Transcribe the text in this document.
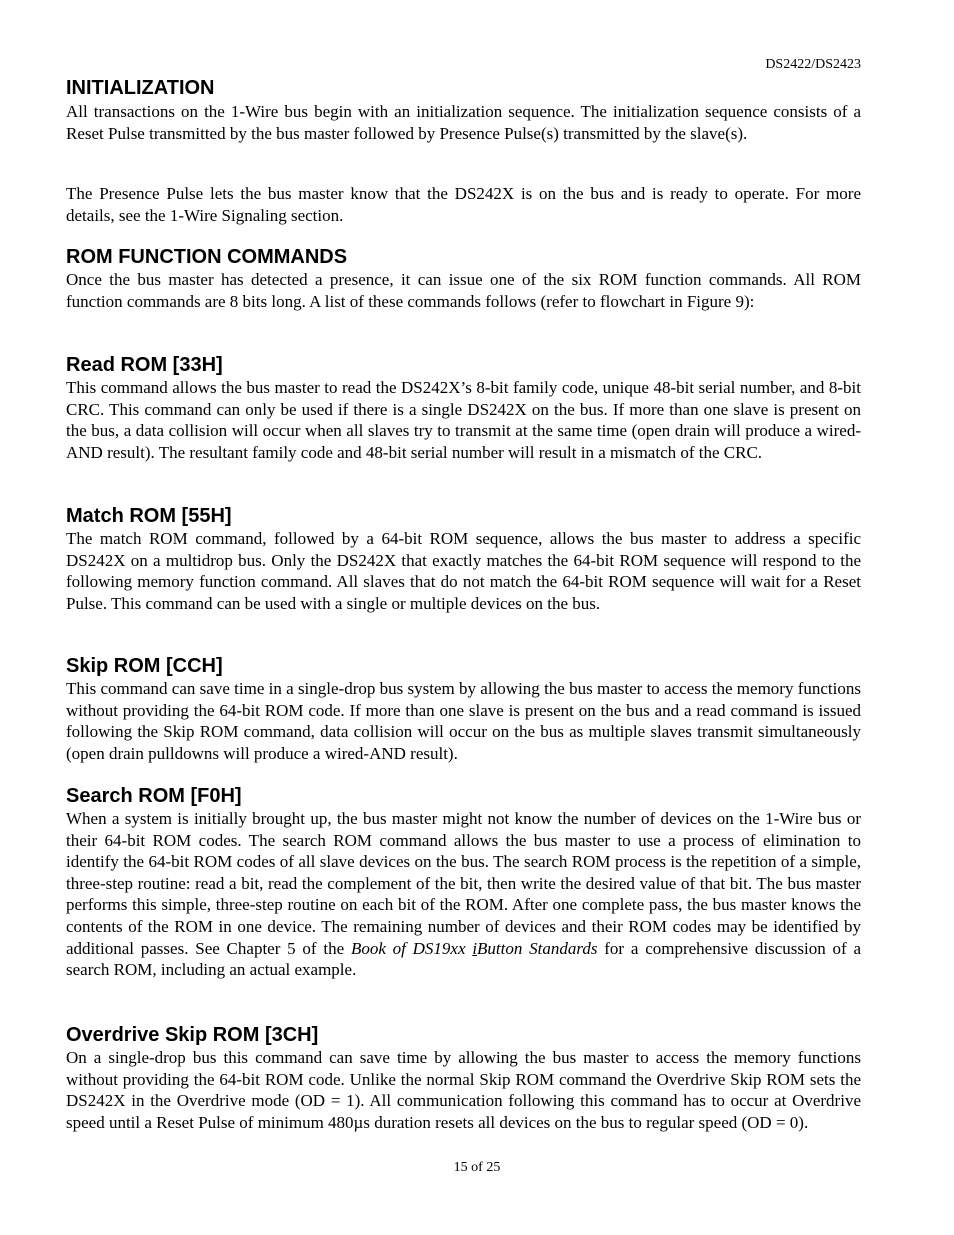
DS2422/DS2423
INITIALIZATION

All transactions on the 1-Wire bus begin with an initialization sequence. The initialization sequence consists of a Reset Pulse transmitted by the bus master followed by Presence Pulse(s) transmitted by the slave(s).

The Presence Pulse lets the bus master know that the DS242X is on the bus and is ready to operate. For more details, see the 1-Wire Signaling section.

ROM FUNCTION COMMANDS

Once the bus master has detected a presence, it can issue one of the six ROM function commands. All ROM function commands are 8 bits long. A list of these commands follows (refer to flowchart in Figure 9):

Read ROM [33H]

This command allows the bus master to read the DS242X’s 8-bit family code, unique 48-bit serial number, and 8-bit CRC. This command can only be used if there is a single DS242X on the bus. If more than one slave is present on the bus, a data collision will occur when all slaves try to transmit at the same time (open drain will produce a wired-AND result). The resultant family code and 48-bit serial number will result in a mismatch of the CRC.

Match ROM [55H]

The match ROM command, followed by a 64-bit ROM sequence, allows the bus master to address a specific DS242X on a multidrop bus. Only the DS242X that exactly matches the 64-bit ROM sequence will respond to the following memory function command. All slaves that do not match the 64-bit ROM sequence will wait for a Reset Pulse. This command can be used with a single or multiple devices on the bus.

Skip ROM [CCH]

This command can save time in a single-drop bus system by allowing the bus master to access the memory functions without providing the 64-bit ROM code. If more than one slave is present on the bus and a read command is issued following the Skip ROM command, data collision will occur on the bus as multiple slaves transmit simultaneously (open drain pulldowns will produce a wired-AND result).

Search ROM [F0H]

When a system is initially brought up, the bus master might not know the number of devices on the 1-Wire bus or their 64-bit ROM codes. The search ROM command allows the bus master to use a process of elimination to identify the 64-bit ROM codes of all slave devices on the bus. The search ROM process is the repetition of a simple, three-step routine: read a bit, read the complement of the bit, then write the desired value of that bit. The bus master performs this simple, three-step routine on each bit of the ROM. After one complete pass, the bus master knows the contents of the ROM in one device. The remaining number of devices and their ROM codes may be identified by additional passes. See Chapter 5 of the Book of DS19xx iButton Standards for a comprehensive discussion of a search ROM, including an actual example.

Overdrive Skip ROM [3CH]

On a single-drop bus this command can save time by allowing the bus master to access the memory functions without providing the 64-bit ROM code. Unlike the normal Skip ROM command the Overdrive Skip ROM sets the DS242X in the Overdrive mode (OD = 1). All communication following this command has to occur at Overdrive speed until a Reset Pulse of minimum 480µs duration resets all devices on the bus to regular speed (OD = 0).

15 of 25
